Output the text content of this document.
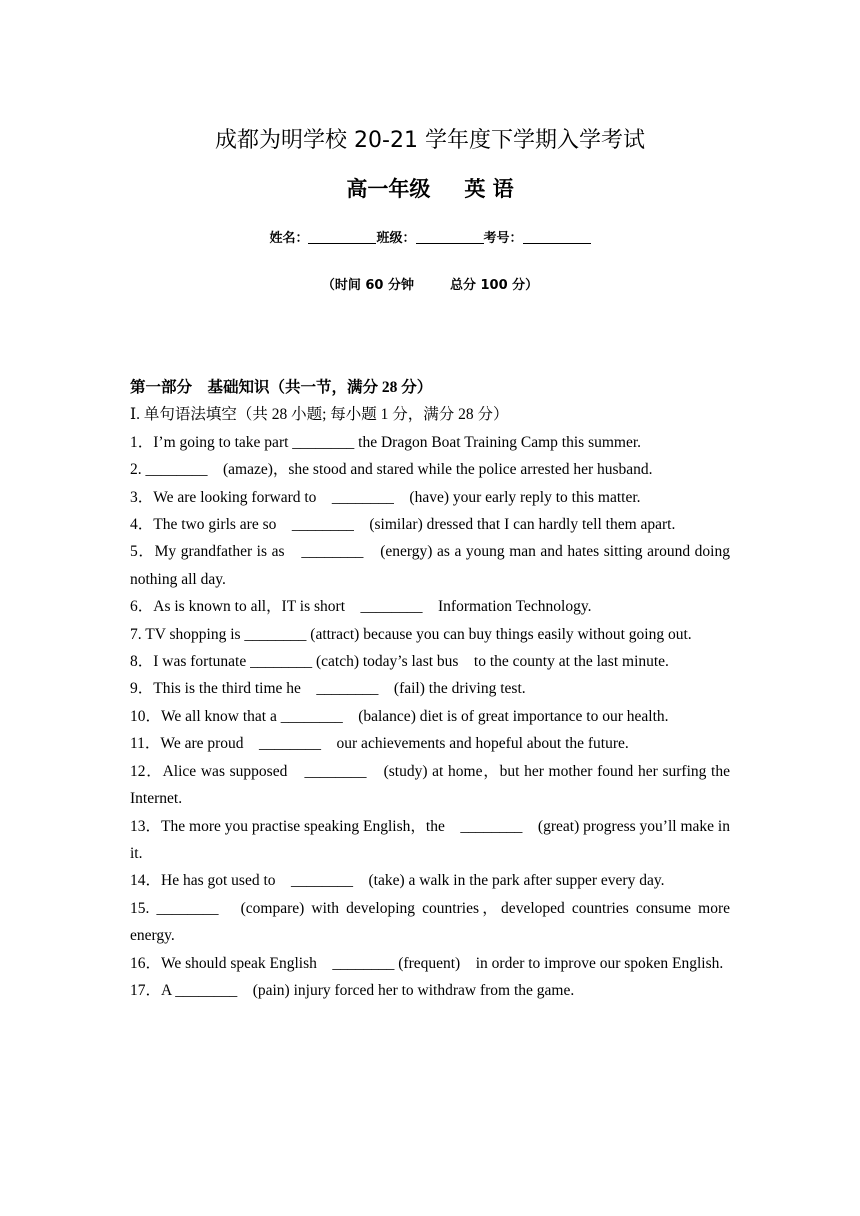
成都为明学校 20-21 学年度下学期入学考试
高一年级 英 语
姓名：	班级：	考号：
（时间 60 分钟	总分 100 分）
第一部分　基础知识（共一节，满分 28 分）
Ⅰ. 单句语法填空（共 28 小题; 每小题 1 分，满分 28 分）

1．I’m going to take part ________ the Dragon Boat Training Camp this summer.

2. ________　(amaze)，she stood and stared while the police arrested her husband.

3．We are looking forward to　________　(have) your early reply to this matter.

4．The two girls are so　________　(similar) dressed that I can hardly tell them apart.

5．My grandfather is as　________　(energy) as a young man and hates sitting around doing nothing all day.

6．As is known to all，IT is short　________　Information Technology.

7. TV shopping is ________ (attract) because you can buy things easily without going out.

8．I was fortunate ________ (catch) today’s last bus　to the county at the last minute.

9．This is the third time he　________　(fail) the driving test.

10．We all know that a ________　(balance) diet is of great importance to our health.

11．We are proud　________　our achievements and hopeful about the future.

12．Alice was supposed　________　(study) at home，but her mother found her surfing the Internet.

13．The more you practise speaking English，the　________　(great) progress you’ll make in it.

14．He has got used to　________　(take) a walk in the park after supper every day.

15. ________　(compare) with developing countries，developed countries consume more energy.

16．We should speak English　________ (frequent)　in order to improve our spoken English.

17．A ________　(pain) injury forced her to withdraw from the game.
